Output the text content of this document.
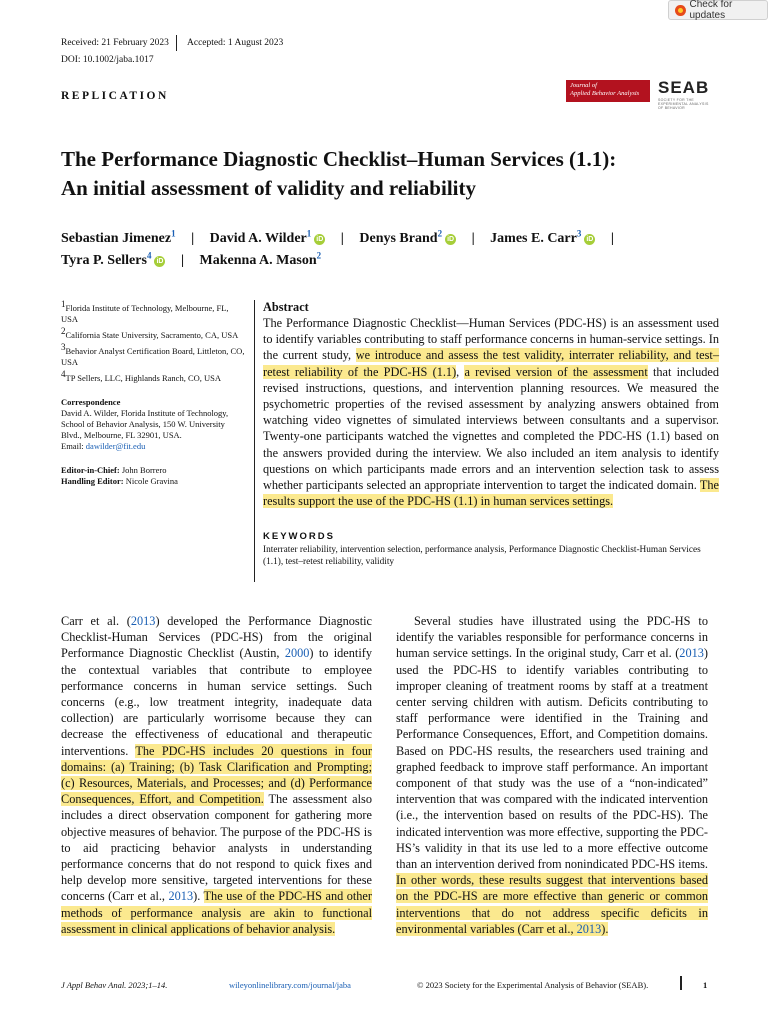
Check for updates
Received: 21 February 2023 Accepted: 1 August 2023
DOI: 10.1002/jaba.1017
REPLICATION
Journal of
Applied Behavior Analysis	SEAB
SOCIETY FOR THE EXPERIMENTAL ANALYSIS OF BEHAVIOR
The Performance Diagnostic Checklist–Human Services (1.1):
An initial assessment of validity and reliability
Sebastian Jimenez$^1$ | David A. Wilder$^1$iD | Denys Brand$^2$iD | James E. Carr$^3$iD |
Tyra P. Sellers$^4$iD | Makenna A. Mason$^2$

$^1$Florida Institute of Technology, Melbourne, FL, USA

$^2$California State University, Sacramento, CA, USA

$^3$Behavior Analyst Certification Board, Littleton, CO, USA

$^4$TP Sellers, LLC, Highlands Ranch, CO, USA

Correspondence
David A. Wilder, Florida Institute of Technology, School of Behavior Analysis, 150 W. University Blvd., Melbourne, FL 32901, USA.
Email: dawilder@fit.edu

Editor-in-Chief: John Borrero
Handling Editor: Nicole Gravina

Abstract
The Performance Diagnostic Checklist—Human Services (PDC-HS) is an assessment used to identify variables contributing to staff performance concerns in human-service settings. In the current study, we introduce and assess the test validity, interrater reliability, and test–retest reliability of the PDC-HS (1.1), a revised version of the assessment that included revised instructions, questions, and intervention planning resources. We measured the psychometric properties of the revised assessment by analyzing answers obtained from watching video vignettes of simulated interviews between consultants and a supervisor. Twenty-one participants watched the vignettes and completed the PDC-HS (1.1) based on the answers provided during the interview. We also included an item analysis to identify questions on which participants made errors and an intervention selection task to assess whether participants selected an appropriate intervention to target the indicated domain. The results support the use of the PDC-HS (1.1) in human services settings.
KEYWORDS
Interrater reliability, intervention selection, performance analysis, Performance Diagnostic Checklist-Human Services (1.1), test–retest reliability, validity

Carr et al. (2013) developed the Performance Diagnostic Checklist-Human Services (PDC-HS) from the original Performance Diagnostic Checklist (Austin, 2000) to identify the contextual variables that contribute to employee performance concerns in human service settings. Such concerns (e.g., low treatment integrity, inadequate data collection) are particularly worrisome because they can decrease the effectiveness of educational and therapeutic interventions. The PDC-HS includes 20 questions in four domains: (a) Training; (b) Task Clarification and Prompting; (c) Resources, Materials, and Processes; and (d) Performance Consequences, Effort, and Competition. The assessment also includes a direct observation component for gathering more objective measures of behavior. The purpose of the PDC-HS is to aid practicing behavior analysts in understanding performance concerns that do not respond to quick fixes and help develop more sensitive, targeted interventions for these concerns (Carr et al., 2013). The use of the PDC-HS and other methods of performance analysis are akin to functional assessment in clinical applications of behavior analysis.

Several studies have illustrated using the PDC-HS to identify the variables responsible for performance concerns in human service settings. In the original study, Carr et al. (2013) used the PDC-HS to identify variables contributing to improper cleaning of treatment rooms by staff at a treatment center serving children with autism. Deficits contributing to staff performance were identified in the Training and Performance Consequences, Effort, and Competition domains. Based on PDC-HS results, the researchers used training and graphed feedback to improve staff performance. An important component of that study was the use of a “non-indicated” intervention that was compared with the indicated intervention (i.e., the intervention based on results of the PDC-HS). The indicated intervention was more effective, supporting the PDC-HS’s validity in that its use led to a more effective outcome than an intervention derived from nonindicated PDC-HS items. In other words, these results suggest that interventions based on the PDC-HS are more effective than generic or common interventions that do not address specific deficits in environmental variables (Carr et al., 2013).

J Appl Behav Anal. 2023;1–14.	wileyonlinelibrary.com/journal/jaba	© 2023 Society for the Experimental Analysis of Behavior (SEAB).	1
